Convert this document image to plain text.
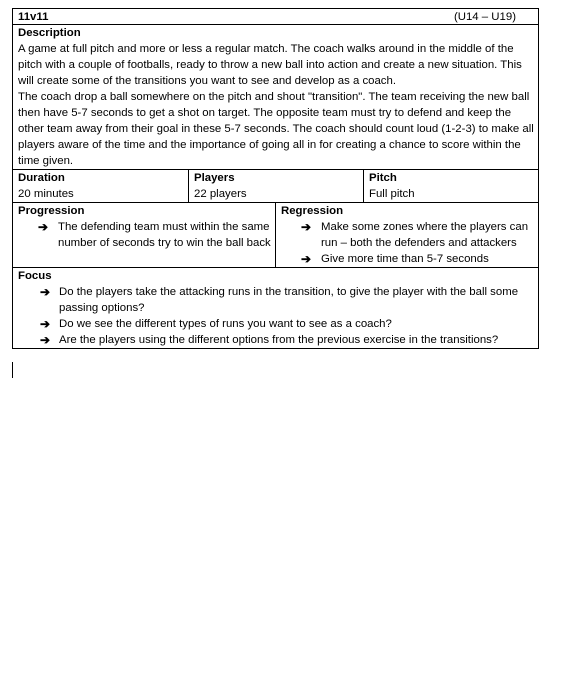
11v11	(U14 – U19)
Description

A game at full pitch and more or less a regular match. The coach walks around in the middle of the pitch with a couple of footballs, ready to throw a new ball into action and create a new situation. This will create some of the transitions you want to see and develop as a coach.

The coach drop a ball somewhere on the pitch and shout "transition". The team receiving the new ball then have 5-7 seconds to get a shot on target. The opposite team must try to defend and keep the other team away from their goal in these 5-7 seconds. The coach should count loud (1-2-3) to make all players aware of the time and the importance of going all in for creating a chance to score within the time given.

Duration
20 minutes
Players
22 players
Pitch
Full pitch
Progression
➔ The defending team must within the same number of seconds try to win the ball back
Regression
➔ Make some zones where the players can run – both the defenders and attackers
➔ Give more time than 5-7 seconds
Focus
➔ Do the players take the attacking runs in the transition, to give the player with the ball some passing options?
➔ Do we see the different types of runs you want to see as a coach?
➔ Are the players using the different options from the previous exercise in the transitions?
